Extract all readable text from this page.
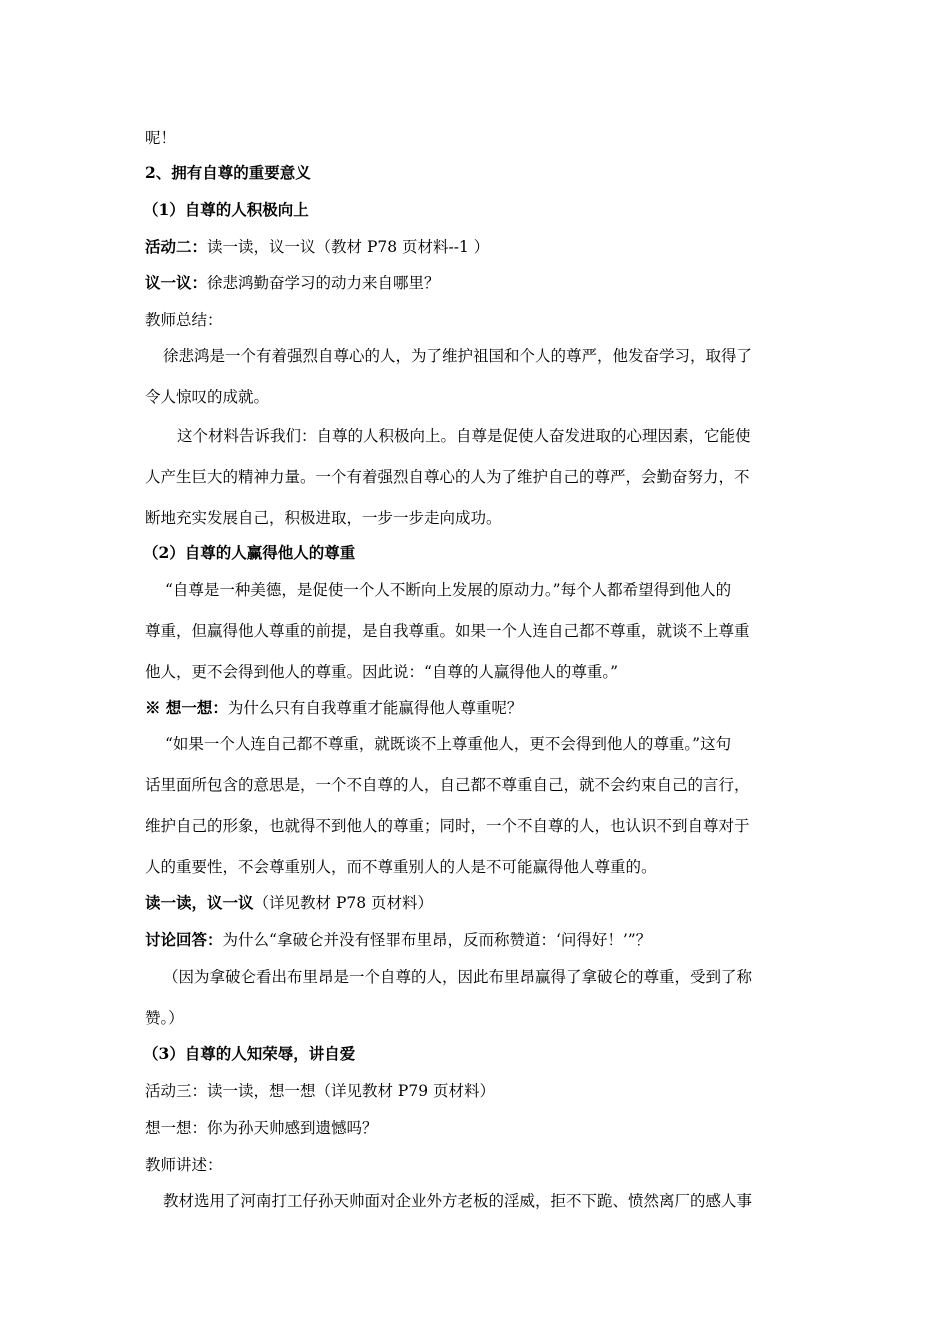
呢！
2、拥有自尊的重要意义
（1）自尊的人积极向上
活动二：读一读，议一议（教材 P78 页材料--1 ）
议一议：徐悲鸿勤奋学习的动力来自哪里？
教师总结：
徐悲鸿是一个有着强烈自尊心的人，为了维护祖国和个人的尊严，他发奋学习，取得了
令人惊叹的成就。
这个材料告诉我们：自尊的人积极向上。自尊是促使人奋发进取的心理因素，它能使
人产生巨大的精神力量。一个有着强烈自尊心的人为了维护自己的尊严，会勤奋努力，不
断地充实发展自己，积极进取，一步一步走向成功。
（2）自尊的人赢得他人的尊重
“自尊是一种美德，是促使一个人不断向上发展的原动力。”每个人都希望得到他人的
尊重，但赢得他人尊重的前提，是自我尊重。如果一个人连自己都不尊重，就谈不上尊重
他人，更不会得到他人的尊重。因此说：“自尊的人赢得他人的尊重。”
※ 想一想：为什么只有自我尊重才能赢得他人尊重呢？
“如果一个人连自己都不尊重，就既谈不上尊重他人，更不会得到他人的尊重。”这句
话里面所包含的意思是，一个不自尊的人，自己都不尊重自己，就不会约束自己的言行，
维护自己的形象，也就得不到他人的尊重；同时，一个不自尊的人，也认识不到自尊对于
人的重要性，不会尊重别人，而不尊重别人的人是不可能赢得他人尊重的。
读一读，议一议（详见教材 P78 页材料）
讨论回答：为什么“拿破仑并没有怪罪布里昂，反而称赞道：‘问得好！’”？
（因为拿破仑看出布里昂是一个自尊的人，因此布里昂赢得了拿破仑的尊重，受到了称
赞。）
（3）自尊的人知荣辱，讲自爱
活动三：读一读，想一想（详见教材 P79 页材料）
想一想：你为孙天帅感到遗憾吗？
教师讲述：
教材选用了河南打工仔孙天帅面对企业外方老板的淫威，拒不下跪、愤然离厂的感人事
